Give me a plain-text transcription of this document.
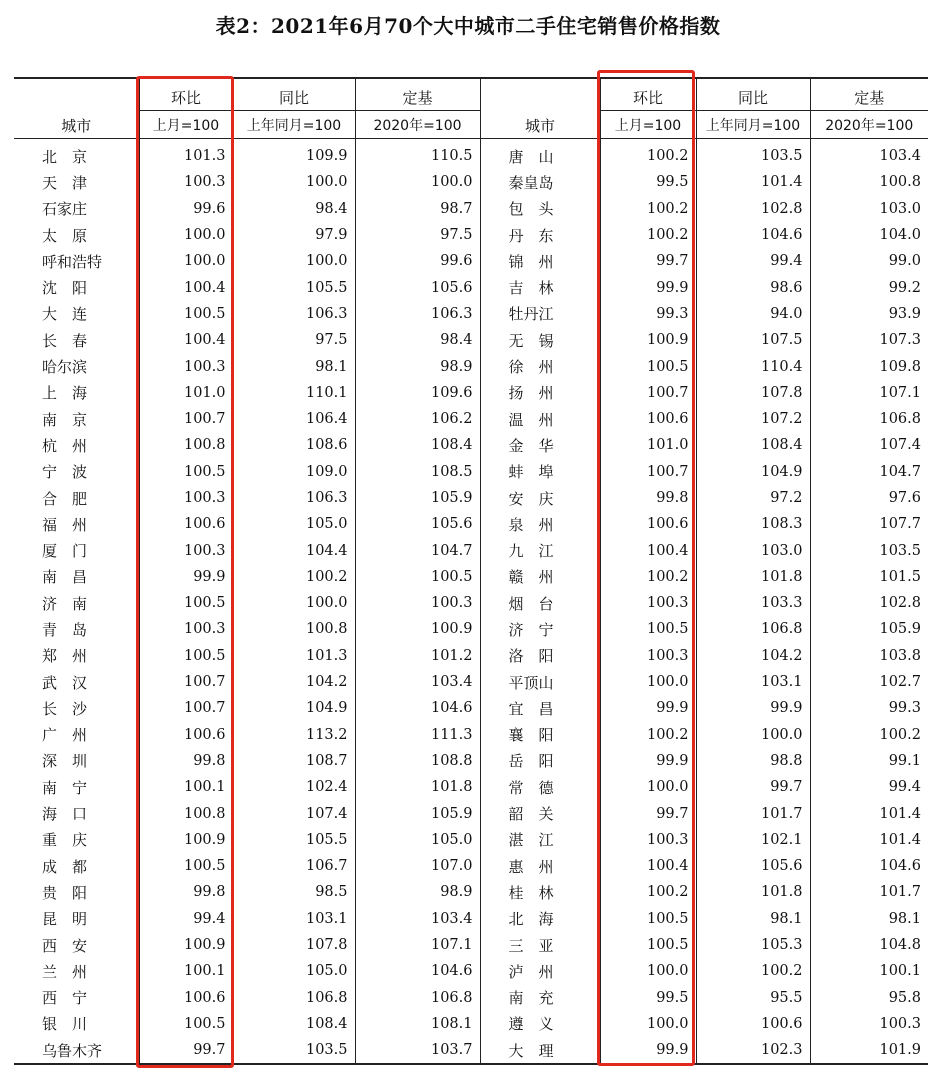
表2：2021年6月70个大中城市二手住宅销售价格指数
城市	环比	同比	定基	城市	环比	同比	定基
	上月=100	上年同月=100	2020年=100		上月=100	上年同月=100	2020年=100
北　京	101.3	109.9	110.5	唐　山	100.2	103.5	103.4
天　津	100.3	100.0	100.0	秦皇岛	99.5	101.4	100.8
石家庄	99.6	98.4	98.7	包　头	100.2	102.8	103.0
太　原	100.0	97.9	97.5	丹　东	100.2	104.6	104.0
呼和浩特	100.0	100.0	99.6	锦　州	99.7	99.4	99.0
沈　阳	100.4	105.5	105.6	吉　林	99.9	98.6	99.2
大　连	100.5	106.3	106.3	牡丹江	99.3	94.0	93.9
长　春	100.4	97.5	98.4	无　锡	100.9	107.5	107.3
哈尔滨	100.3	98.1	98.9	徐　州	100.5	110.4	109.8
上　海	101.0	110.1	109.6	扬　州	100.7	107.8	107.1
南　京	100.7	106.4	106.2	温　州	100.6	107.2	106.8
杭　州	100.8	108.6	108.4	金　华	101.0	108.4	107.4
宁　波	100.5	109.0	108.5	蚌　埠	100.7	104.9	104.7
合　肥	100.3	106.3	105.9	安　庆	99.8	97.2	97.6
福　州	100.6	105.0	105.6	泉　州	100.6	108.3	107.7
厦　门	100.3	104.4	104.7	九　江	100.4	103.0	103.5
南　昌	99.9	100.2	100.5	赣　州	100.2	101.8	101.5
济　南	100.5	100.0	100.3	烟　台	100.3	103.3	102.8
青　岛	100.3	100.8	100.9	济　宁	100.5	106.8	105.9
郑　州	100.5	101.3	101.2	洛　阳	100.3	104.2	103.8
武　汉	100.7	104.2	103.4	平顶山	100.0	103.1	102.7
长　沙	100.7	104.9	104.6	宜　昌	99.9	99.9	99.3
广　州	100.6	113.2	111.3	襄　阳	100.2	100.0	100.2
深　圳	99.8	108.7	108.8	岳　阳	99.9	98.8	99.1
南　宁	100.1	102.4	101.8	常　德	100.0	99.7	99.4
海　口	100.8	107.4	105.9	韶　关	99.7	101.7	101.4
重　庆	100.9	105.5	105.0	湛　江	100.3	102.1	101.4
成　都	100.5	106.7	107.0	惠　州	100.4	105.6	104.6
贵　阳	99.8	98.5	98.9	桂　林	100.2	101.8	101.7
昆　明	99.4	103.1	103.4	北　海	100.5	98.1	98.1
西　安	100.9	107.8	107.1	三　亚	100.5	105.3	104.8
兰　州	100.1	105.0	104.6	泸　州	100.0	100.2	100.1
西　宁	100.6	106.8	106.8	南　充	99.5	95.5	95.8
银　川	100.5	108.4	108.1	遵　义	100.0	100.6	100.3
乌鲁木齐	99.7	103.5	103.7	大　理	99.9	102.3	101.9
